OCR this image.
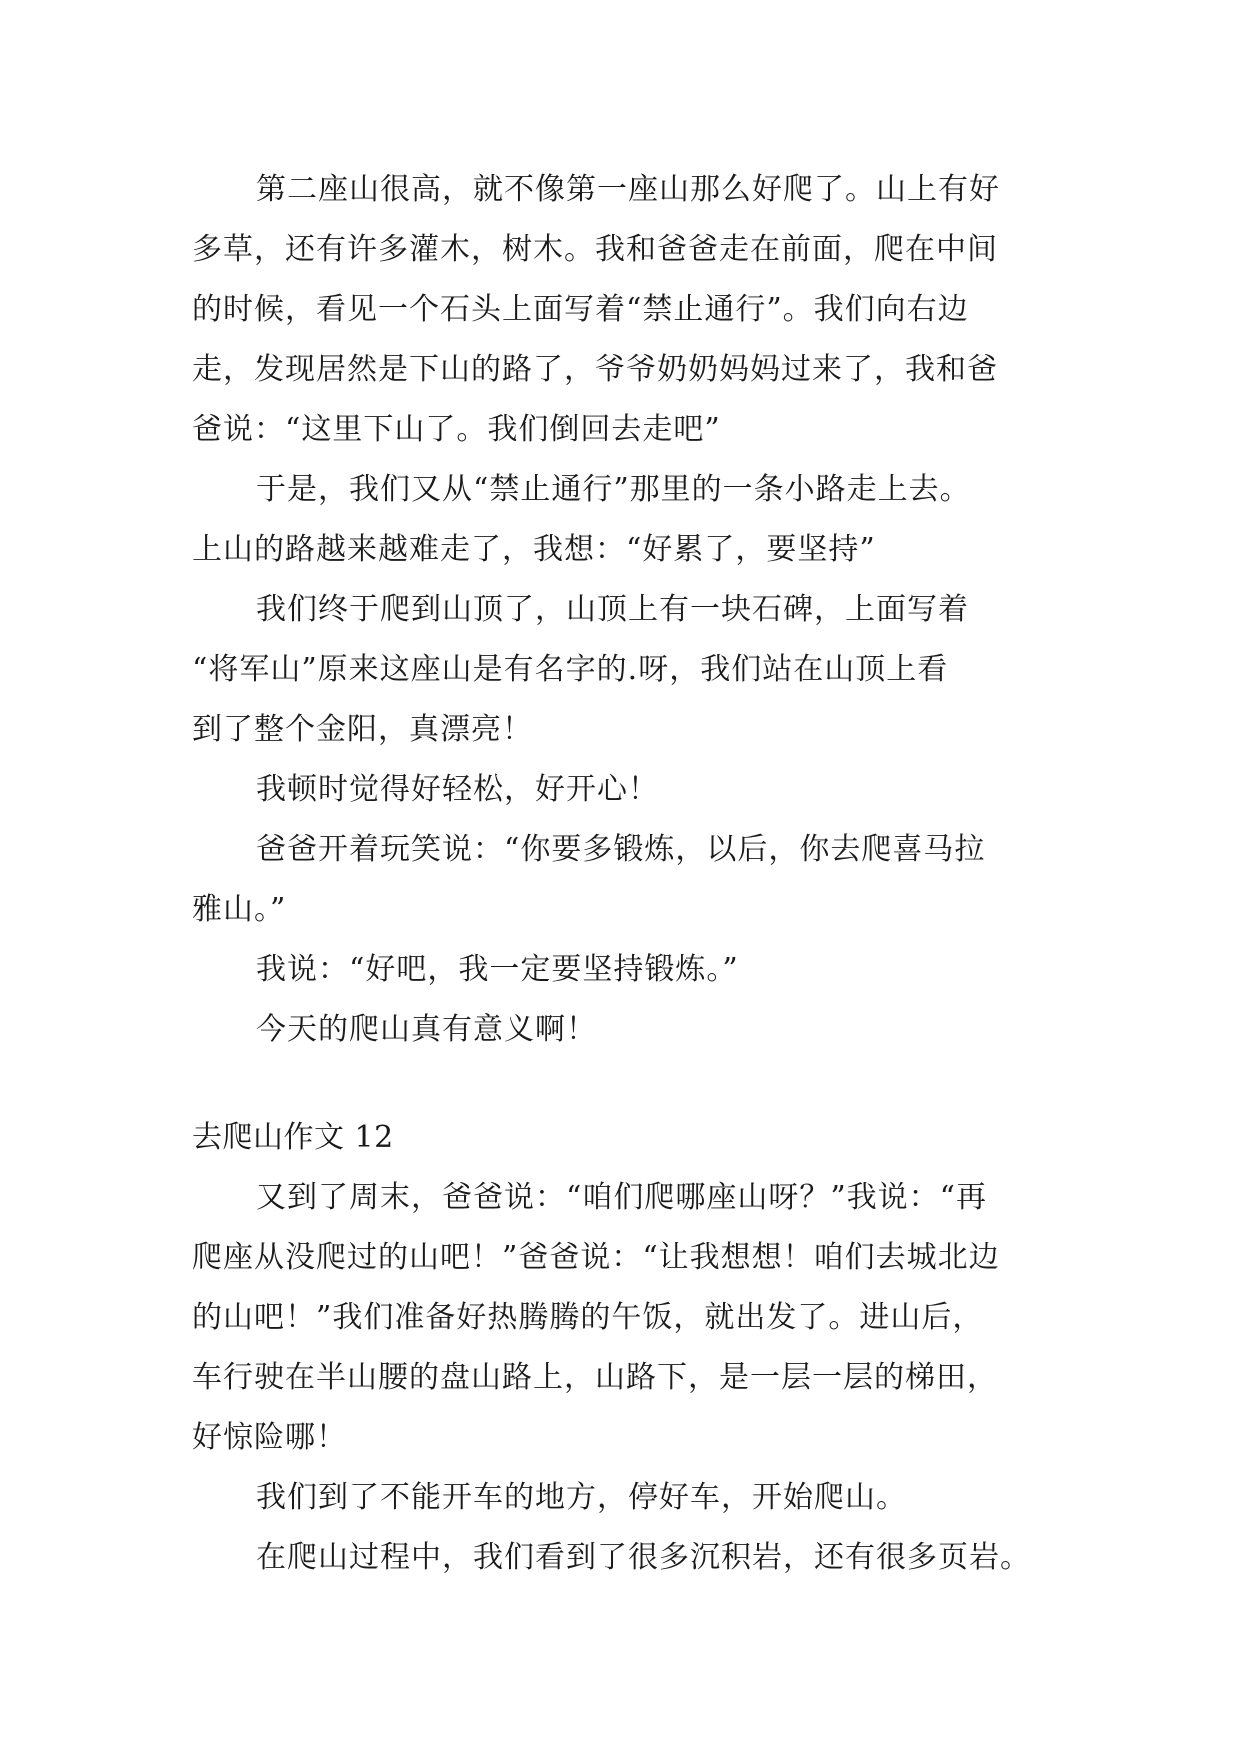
第二座山很高，就不像第一座山那么好爬了。山上有好
多草，还有许多灌木，树木。我和爸爸走在前面，爬在中间
的时候，看见一个石头上面写着“禁止通行”。我们向右边
走，发现居然是下山的路了，爷爷奶奶妈妈过来了，我和爸
爸说：“这里下山了。我们倒回去走吧”
于是，我们又从“禁止通行”那里的一条小路走上去。
上山的路越来越难走了，我想：“好累了，要坚持”
我们终于爬到山顶了，山顶上有一块石碑，上面写着
“将军山”原来这座山是有名字的.呀，我们站在山顶上看
到了整个金阳，真漂亮！
我顿时觉得好轻松，好开心！
爸爸开着玩笑说：“你要多锻炼，以后，你去爬喜马拉
雅山。”
我说：“好吧，我一定要坚持锻炼。”
今天的爬山真有意义啊！
去爬山作文 12
又到了周末，爸爸说：“咱们爬哪座山呀？”我说：“再
爬座从没爬过的山吧！”爸爸说：“让我想想！咱们去城北边
的山吧！”我们准备好热腾腾的午饭，就出发了。进山后，
车行驶在半山腰的盘山路上，山路下，是一层一层的梯田，
好惊险哪！
我们到了不能开车的地方，停好车，开始爬山。
在爬山过程中，我们看到了很多沉积岩，还有很多页岩。
